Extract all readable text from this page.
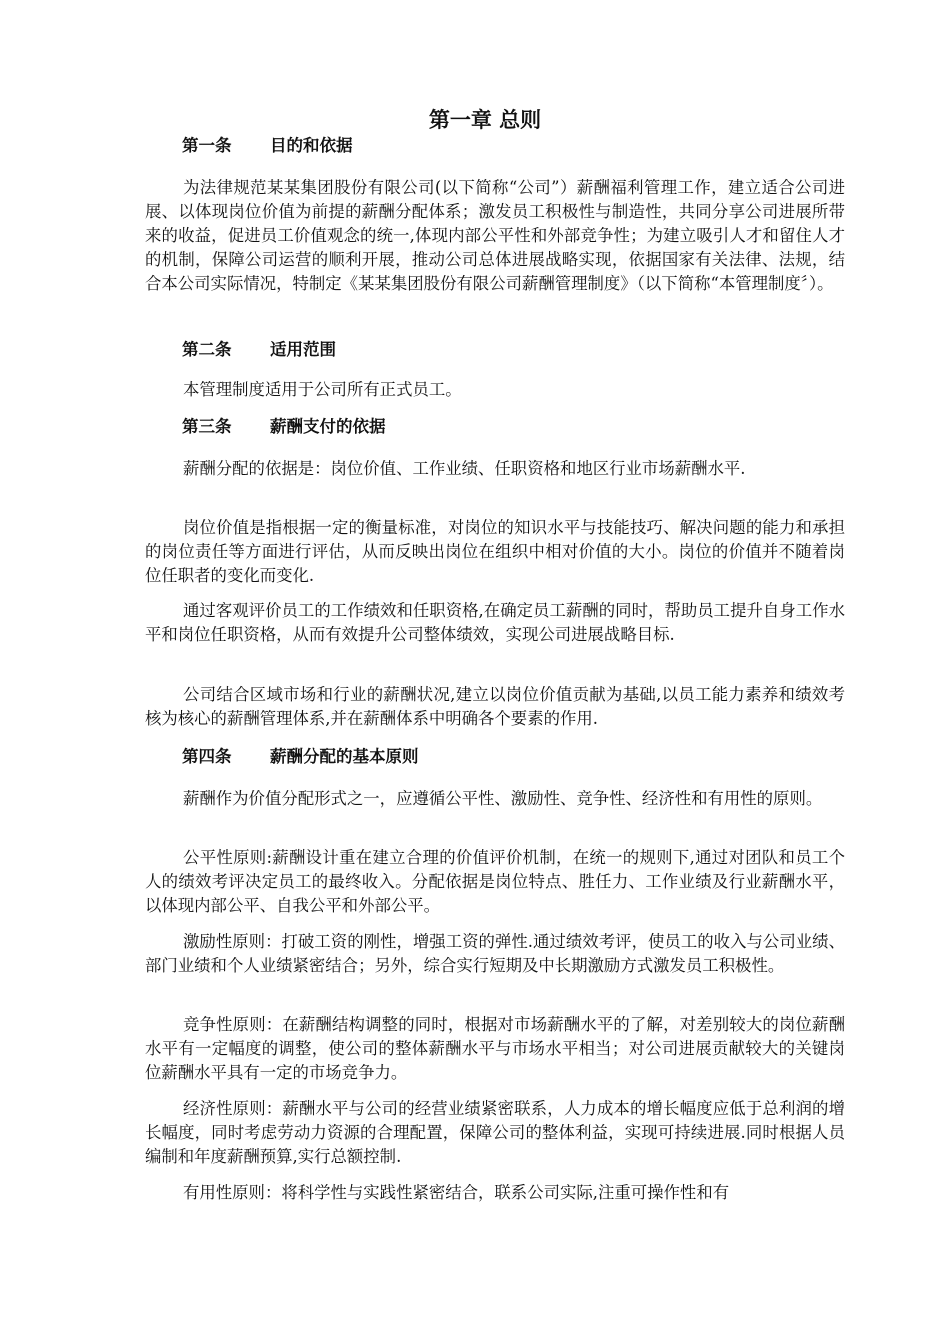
第一章 总则
第一条 目的和依据

为法律规范某某集团股份有限公司(以下简称“公司”）薪酬福利管理工作，建立适合公司进展、以体现岗位价值为前提的薪酬分配体系；激发员工积极性与制造性，共同分享公司进展所带来的收益，促进员工价值观念的统一,体现内部公平性和外部竞争性；为建立吸引人才和留住人才的机制，保障公司运营的顺利开展，推动公司总体进展战略实现，依据国家有关法律、法规，结合本公司实际情况，特制定《某某集团股份有限公司薪酬管理制度》（以下简称“本管理制度〞）。

第二条 适用范围

本管理制度适用于公司所有正式员工。

第三条 薪酬支付的依据

薪酬分配的依据是：岗位价值、工作业绩、任职资格和地区行业市场薪酬水平.

岗位价值是指根据一定的衡量标准，对岗位的知识水平与技能技巧、解决问题的能力和承担的岗位责任等方面进行评估，从而反映出岗位在组织中相对价值的大小。岗位的价值并不随着岗位任职者的变化而变化.

通过客观评价员工的工作绩效和任职资格,在确定员工薪酬的同时，帮助员工提升自身工作水平和岗位任职资格，从而有效提升公司整体绩效，实现公司进展战略目标.

公司结合区域市场和行业的薪酬状况,建立以岗位价值贡献为基础,以员工能力素养和绩效考核为核心的薪酬管理体系,并在薪酬体系中明确各个要素的作用.

第四条 薪酬分配的基本原则

薪酬作为价值分配形式之一，应遵循公平性、激励性、竞争性、经济性和有用性的原则。

公平性原则:薪酬设计重在建立合理的价值评价机制，在统一的规则下,通过对团队和员工个人的绩效考评决定员工的最终收入。分配依据是岗位特点、胜任力、工作业绩及行业薪酬水平，以体现内部公平、自我公平和外部公平。

激励性原则：打破工资的刚性，增强工资的弹性.通过绩效考评，使员工的收入与公司业绩、部门业绩和个人业绩紧密结合；另外，综合实行短期及中长期激励方式激发员工积极性。

竞争性原则：在薪酬结构调整的同时，根据对市场薪酬水平的了解，对差别较大的岗位薪酬水平有一定幅度的调整，使公司的整体薪酬水平与市场水平相当；对公司进展贡献较大的关键岗位薪酬水平具有一定的市场竞争力。

经济性原则：薪酬水平与公司的经营业绩紧密联系，人力成本的增长幅度应低于总利润的增长幅度，同时考虑劳动力资源的合理配置，保障公司的整体利益，实现可持续进展.同时根据人员编制和年度薪酬预算,实行总额控制.

有用性原则：将科学性与实践性紧密结合，联系公司实际,注重可操作性和有
